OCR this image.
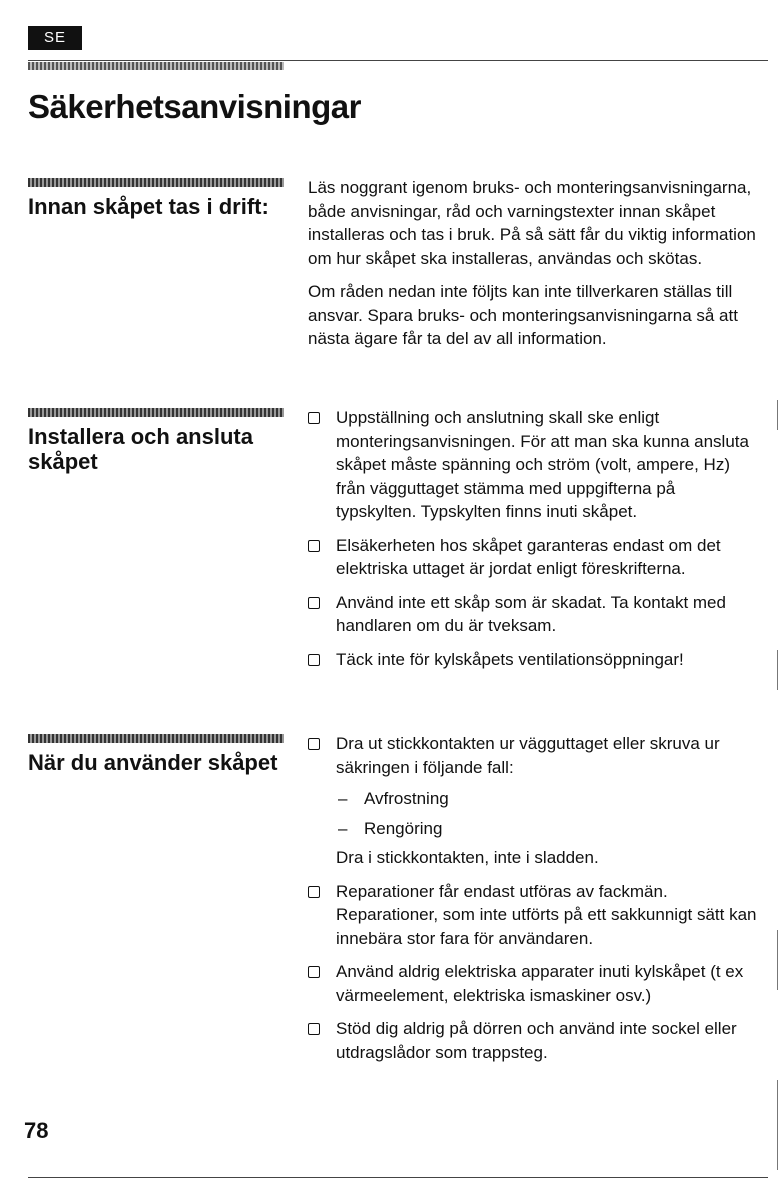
SE
Säkerhetsanvisningar
Innan skåpet tas i drift:

Läs noggrant igenom bruks- och monteringsanvisningarna, både anvisningar, råd och varningstexter innan skåpet installeras och tas i bruk. På så sätt får du viktig information om hur skåpet ska installeras, användas och skötas.

Om råden nedan inte följts kan inte tillverkaren ställas till ansvar. Spara bruks- och monteringsanvisningarna så att nästa ägare får ta del av all information.

Installera och ansluta skåpet
Uppställning och anslutning skall ske enligt monteringsanvisningen. För att man ska kunna ansluta skåpet måste spänning och ström (volt, ampere, Hz) från vägguttaget stämma med uppgifterna på typskylten. Typskylten finns inuti skåpet.
Elsäkerheten hos skåpet garanteras endast om det elektriska uttaget är jordat enligt föreskrifterna.
Använd inte ett skåp som är skadat. Ta kontakt med handlaren om du är tveksam.
Täck inte för kylskåpets ventilationsöppningar!
När du använder skåpet
Dra ut stickkontakten ur vägguttaget eller skruva ur säkringen i följande fall:
– Avfrostning
– Rengöring
Dra i stickkontakten, inte i sladden.
Reparationer får endast utföras av fackmän. Reparationer, som inte utförts på ett sakkunnigt sätt kan innebära stor fara för användaren.
Använd aldrig elektriska apparater inuti kylskåpet (t ex värmeelement, elektriska ismaskiner osv.)
Stöd dig aldrig på dörren och använd inte sockel eller utdragslådor som trappsteg.
78
